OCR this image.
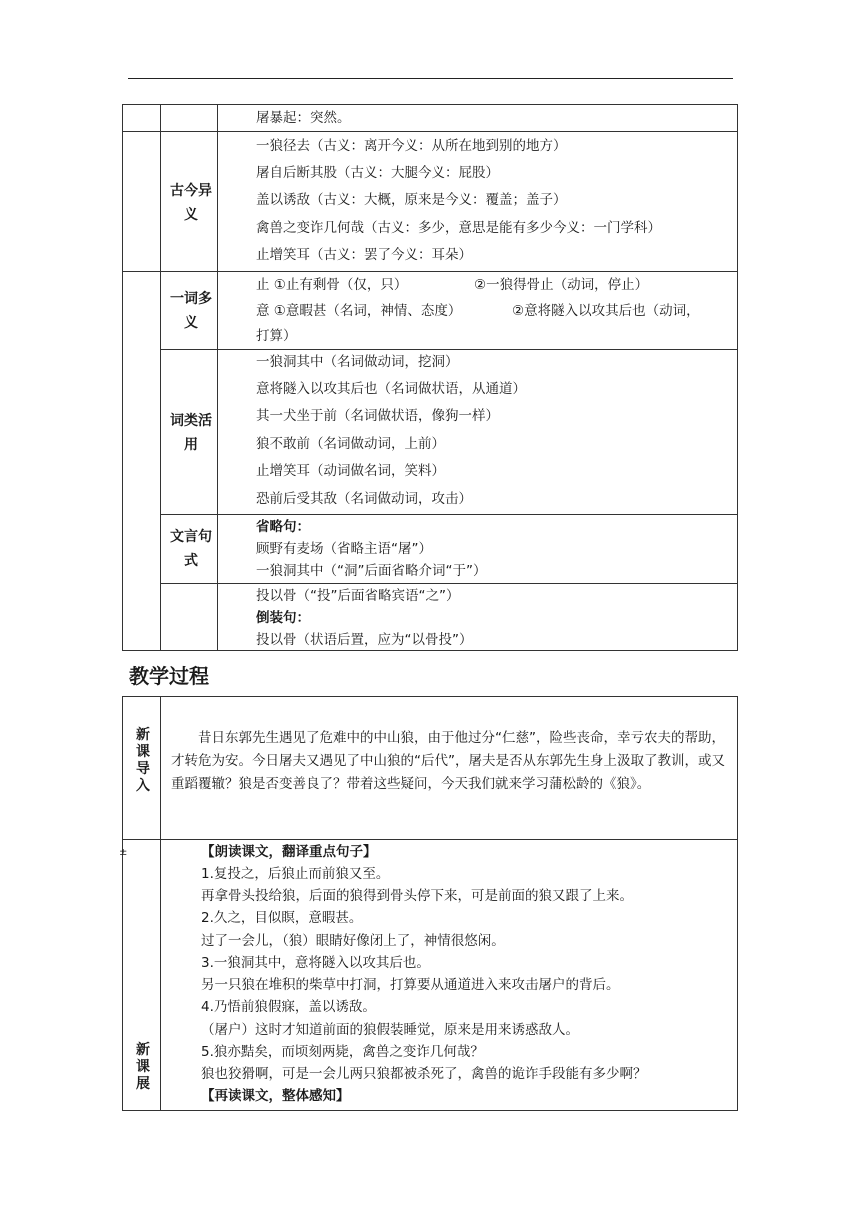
屠暴起：突然。
古今异义
一狼径去（古义：离开今义：从所在地到别的地方）
屠自后断其股（古义：大腿今义：屁股）
盖以诱敌（古义：大概，原来是今义：覆盖；盖子）
禽兽之变诈几何哉（古义：多少，意思是能有多少今义：一门学科）
止增笑耳（古义：罢了今义：耳朵）
一词多义
止 ①止有剩骨（仅，只）	②一狼得骨止（动词，停止）
意 ①意暇甚（名词，神情、态度）	②意将隧入以攻其后也（动词，
打算）
词类活用
一狼洞其中（名词做动词，挖洞）
意将隧入以攻其后也（名词做状语，从通道）
其一犬坐于前（名词做状语，像狗一样）
狼不敢前（名词做动词，上前）
止增笑耳（动词做名词，笑料）
恐前后受其敌（名词做动词，攻击）
文言句式
省略句：
顾野有麦场（省略主语“屠”）
一狼洞其中（“洞”后面省略介词“于”）
投以骨（“投”后面省略宾语“之”）
倒装句：
投以骨（状语后置，应为“以骨投”）
教学过程
新课导入
昔日东郭先生遇见了危难中的中山狼，由于他过分“仁慈”，险些丧命，幸亏农夫的帮助，才转危为安。今日屠夫又遇见了中山狼的“后代”，屠夫是否从东郭先生身上汲取了教训，或又重蹈覆辙？狼是否变善良了？带着这些疑问，今天我们就来学习蒲松龄的《狼》。
±
新课展
【朗读课文，翻译重点句子】
1.复投之，后狼止而前狼又至。
再拿骨头投给狼，后面的狼得到骨头停下来，可是前面的狼又跟了上来。
2.久之，目似瞑，意暇甚。
过了一会儿，（狼）眼睛好像闭上了，神情很悠闲。
3.一狼洞其中，意将隧入以攻其后也。
另一只狼在堆积的柴草中打洞，打算要从通道进入来攻击屠户的背后。
4.乃悟前狼假寐，盖以诱敌。
（屠户）这时才知道前面的狼假装睡觉，原来是用来诱惑敌人。
5.狼亦黠矣，而顷刻两毙，禽兽之变诈几何哉？
狼也狡猾啊，可是一会儿两只狼都被杀死了，禽兽的诡诈手段能有多少啊？
【再读课文，整体感知】
